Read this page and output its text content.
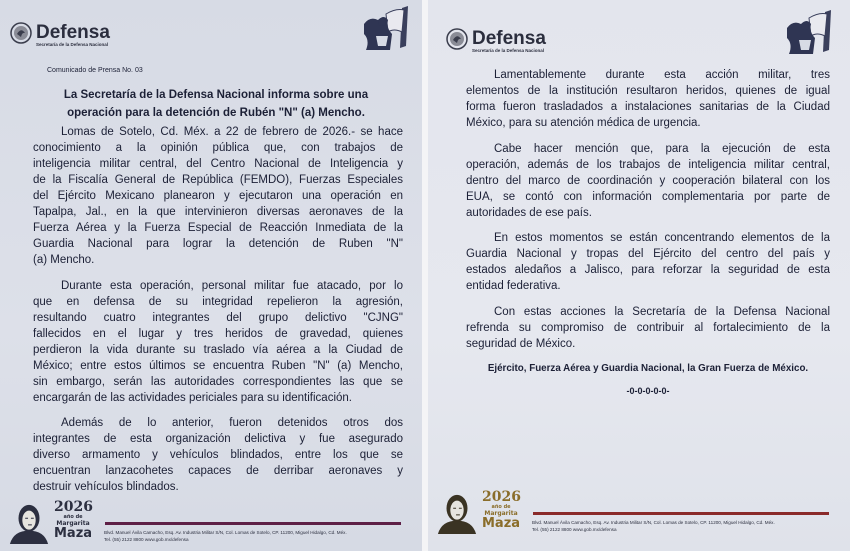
Defensa
Secretaría de la Defensa Nacional
Comunicado de Prensa No. 03
La Secretaría de la Defensa Nacional informa sobre una
operación para la detención de Rubén "N" (a) Mencho.
Lomas de Sotelo, Cd. Méx. a 22 de febrero de 2026.- se hace
conocimiento a la opinión pública que, con trabajos de
inteligencia militar central, del Centro Nacional de Inteligencia y
de la Fiscalía General de República (FEMDO), Fuerzas Especiales
del Ejército Mexicano planearon y ejecutaron una operación en
Tapalpa, Jal., en la que intervinieron diversas aeronaves de la
Fuerza Aérea y la Fuerza Especial de Reacción Inmediata de la
Guardia Nacional para lograr la detención de Ruben "N"
(a) Mencho.
Durante esta operación, personal militar fue atacado, por lo
que en defensa de su integridad repelieron la agresión,
resultando cuatro integrantes del grupo delictivo "CJNG"
fallecidos en el lugar y tres heridos de gravedad, quienes
perdieron la vida durante su traslado vía aérea a la Ciudad de
México; entre estos últimos se encuentra Ruben "N" (a) Mencho,
sin embargo, serán las autoridades correspondientes las que se
encargarán de las actividades periciales para su identificación.
Además de lo anterior, fueron detenidos otros dos
integrantes de esta organización delictiva y fue asegurado
diverso armamento y vehículos blindados, entre los que se
encuentran lanzacohetes capaces de derribar aeronaves y
destruir vehículos blindados.
2026
año de
Margarita
Maza	Blvd. Manuel Ávila Camacho, Esq. Av. Industria Militar S/N, Col. Lomas de Sotelo, CP. 11200, Miguel Hidalgo, Cd. Méx.
Tel. (55) 2122 8800 www.gob.mx/defensa
Defensa
Secretaría de la Defensa Nacional
Lamentablemente durante esta acción militar, tres
elementos de la institución resultaron heridos, quienes de igual
forma fueron trasladados a instalaciones sanitarias de la Ciudad
México, para su atención médica de urgencia.
Cabe hacer mención que, para la ejecución de esta
operación, además de los trabajos de inteligencia militar central,
dentro del marco de coordinación y cooperación bilateral con los
EUA, se contó con información complementaria por parte de
autoridades de ese país.
En estos momentos se están concentrando elementos de la
Guardia Nacional y tropas del Ejército del centro del país y
estados aledaños a Jalisco, para reforzar la seguridad de esta
entidad federativa.
Con estas acciones la Secretaría de la Defensa Nacional
refrenda su compromiso de contribuir al fortalecimiento de la
seguridad de México.
Ejército, Fuerza Aérea y Guardia Nacional, la Gran Fuerza de México.
-0-0-0-0-0-
2026
año de
Margarita
Maza	Blvd. Manuel Ávila Camacho, Esq. Av. Industria Militar S/N, Col. Lomas de Sotelo, CP. 11200, Miguel Hidalgo, Cd. Méx.
Tel. (55) 2122 8800 www.gob.mx/defensa
